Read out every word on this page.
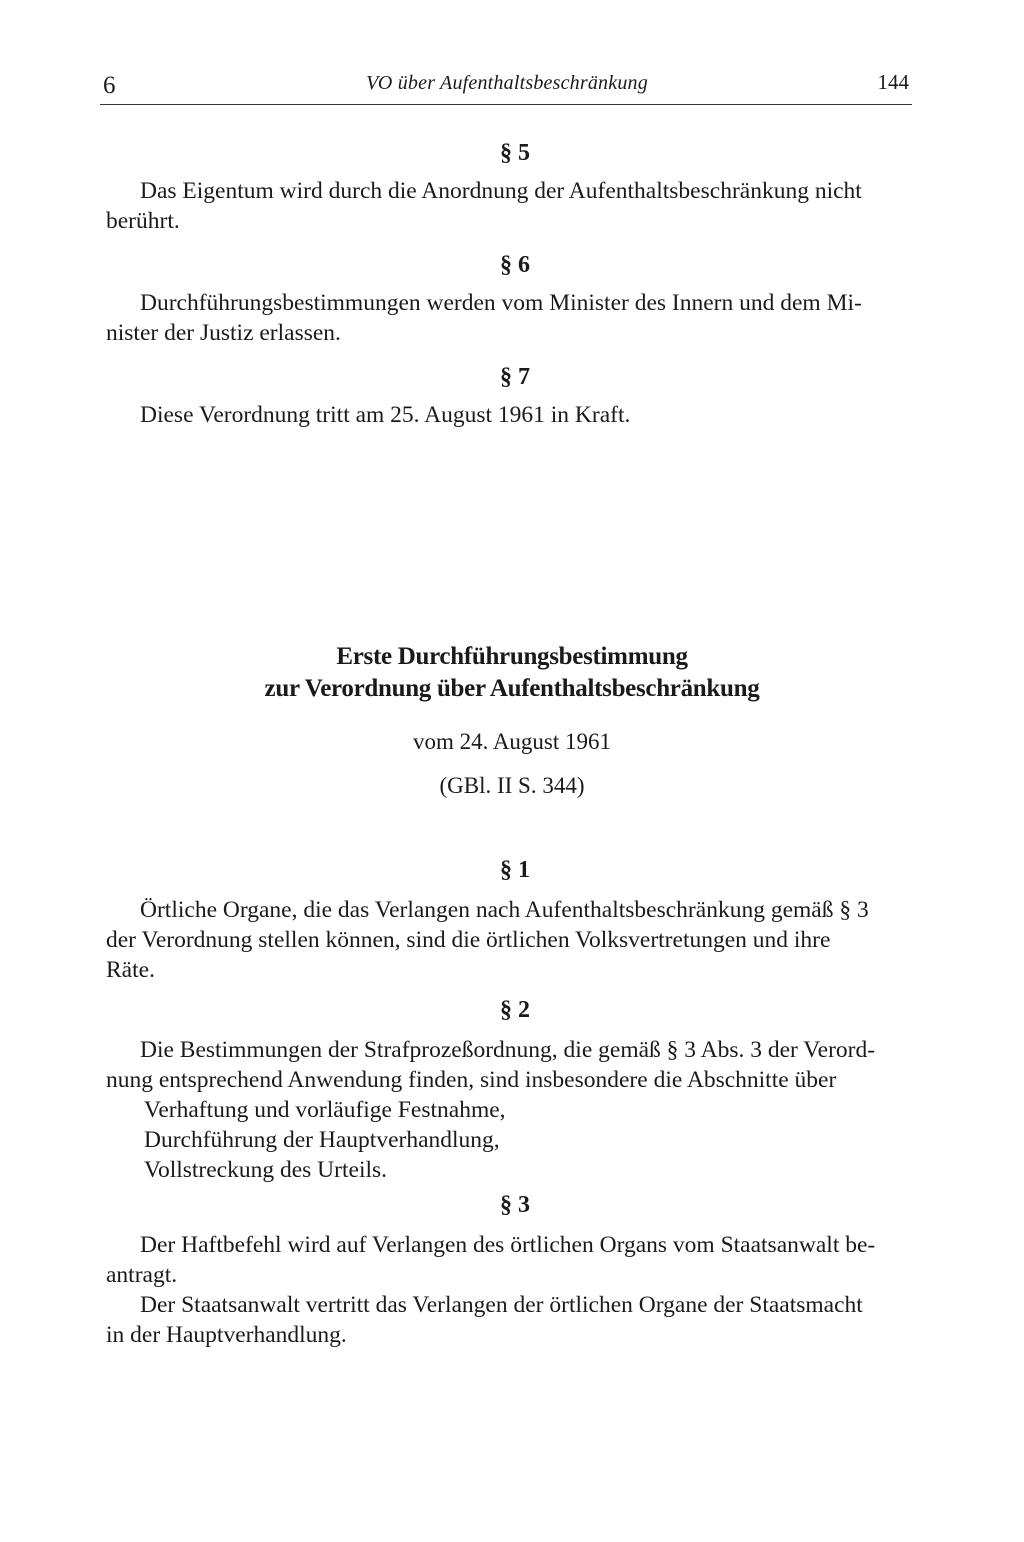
6	VO über Aufenthaltsbeschränkung	144
§ 5

Das Eigentum wird durch die Anordnung der Aufenthaltsbeschränkung nicht

berührt.

§ 6

Durchführungsbestimmungen werden vom Minister des Innern und dem Mi-

nister der Justiz erlassen.

§ 7

Diese Verordnung tritt am 25. August 1961 in Kraft.

Erste Durchführungsbestimmung
zur Verordnung über Aufenthaltsbeschränkung
vom 24. August 1961
(GBl. II S. 344)
§ 1

Örtliche Organe, die das Verlangen nach Aufenthaltsbeschränkung gemäß § 3

der Verordnung stellen können, sind die örtlichen Volksvertretungen und ihre

Räte.

§ 2

Die Bestimmungen der Strafprozeßordnung, die gemäß § 3 Abs. 3 der Verord-

nung entsprechend Anwendung finden, sind insbesondere die Abschnitte über

Verhaftung und vorläufige Festnahme,

Durchführung der Hauptverhandlung,

Vollstreckung des Urteils.

§ 3

Der Haftbefehl wird auf Verlangen des örtlichen Organs vom Staatsanwalt be-

antragt.

Der Staatsanwalt vertritt das Verlangen der örtlichen Organe der Staatsmacht

in der Hauptverhandlung.
